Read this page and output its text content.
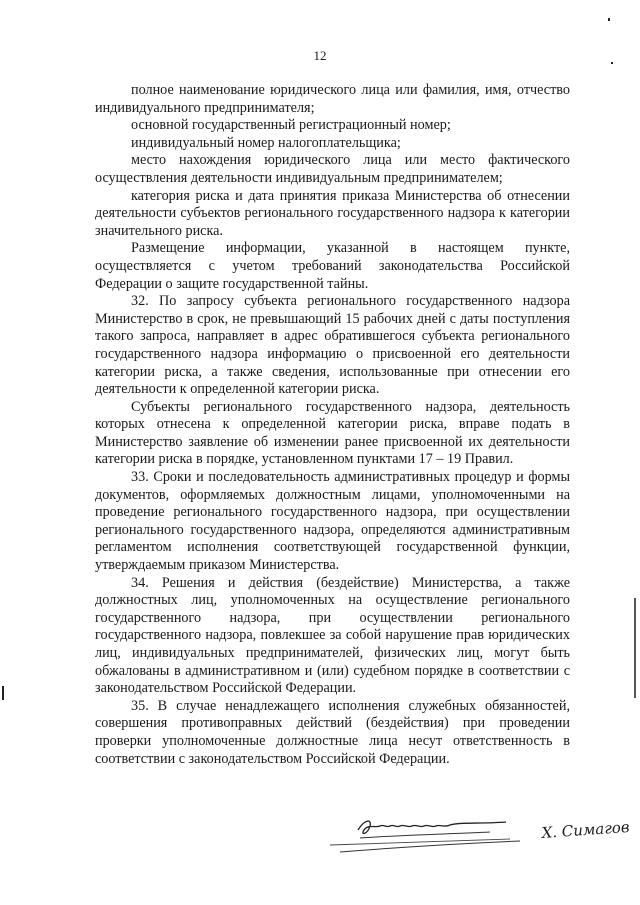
12

полное наименование юридического лица или фамилия, имя, отчество индивидуального предпринимателя;

основной государственный регистрационный номер;

индивидуальный номер налогоплательщика;

место нахождения юридического лица или место фактического осуществления деятельности индивидуальным предпринимателем;

категория риска и дата принятия приказа Министерства об отнесении деятельности субъектов регионального государственного надзора к категории значительного риска.

Размещение информации, указанной в настоящем пункте, осуществляется с учетом требований законодательства Российской Федерации о защите государственной тайны.

32. По запросу субъекта регионального государственного надзора Министерство в срок, не превышающий 15 рабочих дней с даты поступления такого запроса, направляет в адрес обратившегося субъекта регионального государственного надзора информацию о присвоенной его деятельности категории риска, а также сведения, использованные при отнесении его деятельности к определенной категории риска.

Субъекты регионального государственного надзора, деятельность которых отнесена к определенной категории риска, вправе подать в Министерство заявление об изменении ранее присвоенной их деятельности категории риска в порядке, установленном пунктами 17 – 19 Правил.

33. Сроки и последовательность административных процедур и формы документов, оформляемых должностным лицами, уполномоченными на проведение регионального государственного надзора, при осуществлении регионального государственного надзора, определяются административным регламентом исполнения соответствующей государственной функции, утверждаемым приказом Министерства.

34. Решения и действия (бездействие) Министерства, а также должностных лиц, уполномоченных на осуществление регионального государственного надзора, при осуществлении регионального государственного надзора, повлекшее за собой нарушение прав юридических лиц, индивидуальных предпринимателей, физических лиц, могут быть обжалованы в административном и (или) судебном порядке в соответствии с законодательством Российской Федерации.

35. В случае ненадлежащего исполнения служебных обязанностей, совершения противоправных действий (бездействия) при проведении проверки уполномоченные должностные лица несут ответственность в соответствии с законодательством Российской Федерации.

Х. Симагов
